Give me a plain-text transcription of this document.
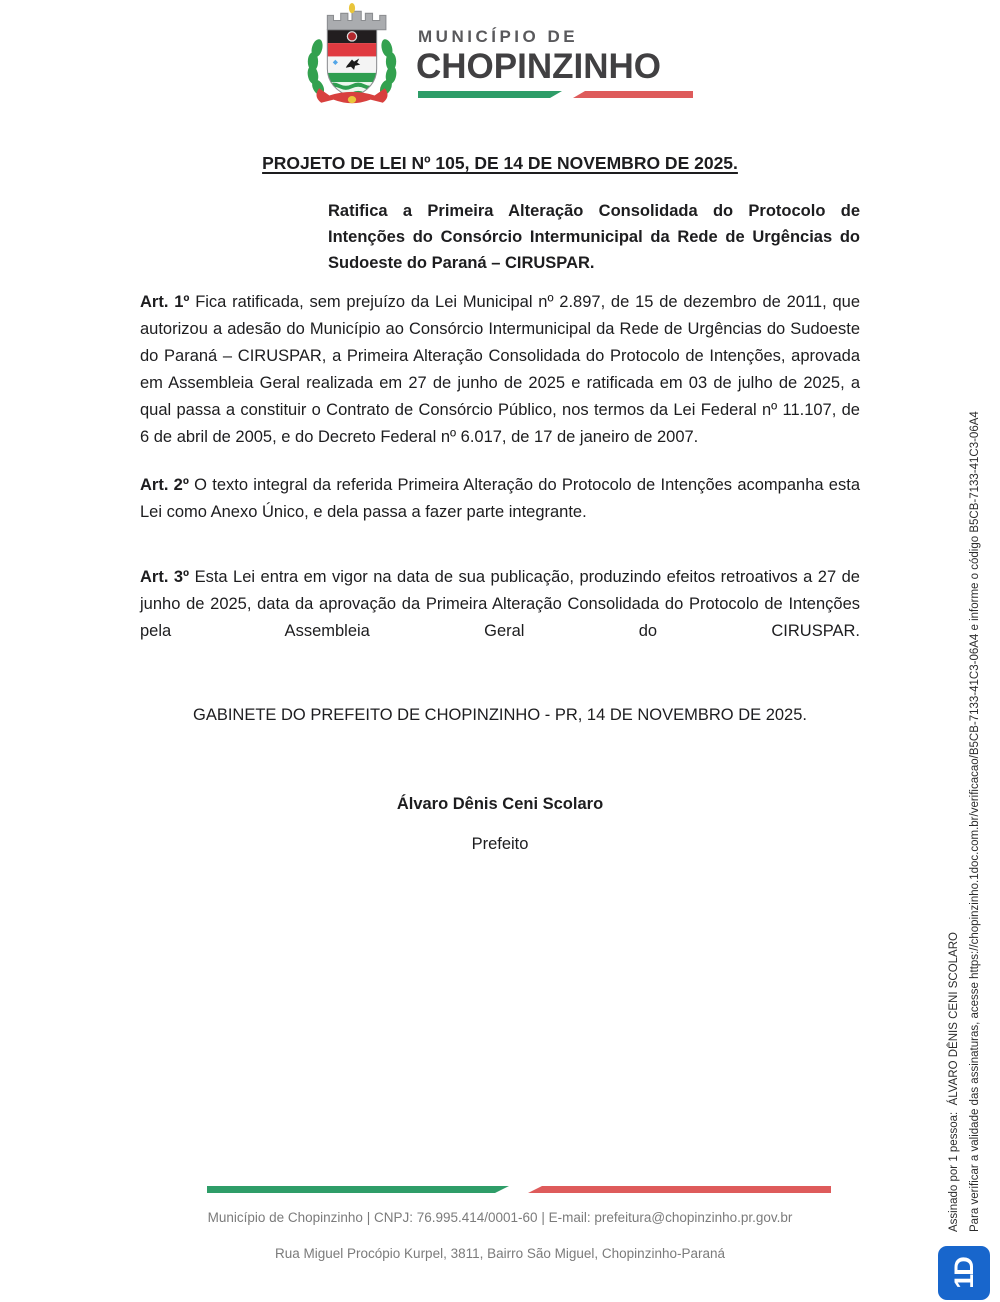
MUNICÍPIO DE
CHOPINZINHO
PROJETO DE LEI Nº 105, DE 14 DE NOVEMBRO DE 2025.

Ratifica a Primeira Alteração Consolidada do Protocolo de Intenções do Consórcio Intermunicipal da Rede de Urgências do Sudoeste do Paraná – CIRUSPAR.

Art. 1º Fica ratificada, sem prejuízo da Lei Municipal nº 2.897, de 15 de dezembro de 2011, que autorizou a adesão do Município ao Consórcio Intermunicipal da Rede de Urgências do Sudoeste do Paraná – CIRUSPAR, a Primeira Alteração Consolidada do Protocolo de Intenções, aprovada em Assembleia Geral realizada em 27 de junho de 2025 e ratificada em 03 de julho de 2025, a qual passa a constituir o Contrato de Consórcio Público, nos termos da Lei Federal nº 11.107, de 6 de abril de 2005, e do Decreto Federal nº 6.017, de 17 de janeiro de 2007.

Art. 2º O texto integral da referida Primeira Alteração do Protocolo de Intenções acompanha esta Lei como Anexo Único, e dela passa a fazer parte integrante.

Art. 3º Esta Lei entra em vigor na data de sua publicação, produzindo efeitos retroativos a 27 de junho de 2025, data da aprovação da Primeira Alteração Consolidada do Protocolo de Intenções pela Assembleia Geral do CIRUSPAR.

GABINETE DO PREFEITO DE CHOPINZINHO - PR, 14 DE NOVEMBRO DE 2025.

Álvaro Dênis Ceni Scolaro

Prefeito

Município de Chopinzinho | CNPJ: 76.995.414/0001-60 | E-mail: prefeitura@chopinzinho.pr.gov.br
Rua Miguel Procópio Kurpel, 3811, Bairro São Miguel, Chopinzinho-Paraná
Assinado por 1 pessoa:  ÁLVARO DÊNIS CENI SCOLARO Para verificar a validade das assinaturas, acesse https://chopinzinho.1doc.com.br/verificacao/B5CB-7133-41C3-06A4 e informe o código B5CB-7133-41C3-06A4
1D
